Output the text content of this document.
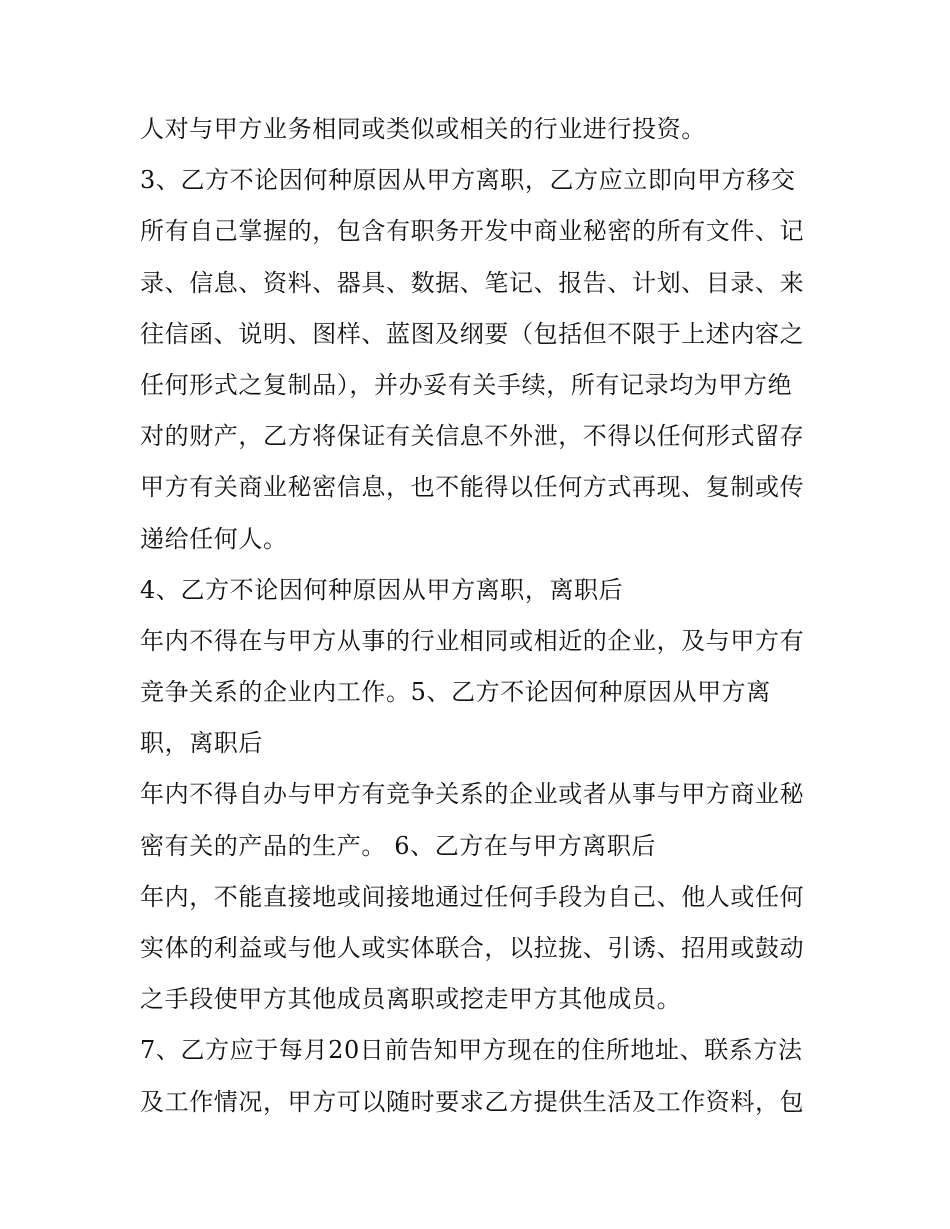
人对与甲方业务相同或类似或相关的行业进行投资。
3、乙方不论因何种原因从甲方离职，乙方应立即向甲方移交
所有自己掌握的，包含有职务开发中商业秘密的所有文件、记
录、信息、资料、器具、数据、笔记、报告、计划、目录、来
往信函、说明、图样、蓝图及纲要（包括但不限于上述内容之
任何形式之复制品），并办妥有关手续，所有记录均为甲方绝
对的财产，乙方将保证有关信息不外泄，不得以任何形式留存
甲方有关商业秘密信息，也不能得以任何方式再现、复制或传
递给任何人。
4、乙方不论因何种原因从甲方离职，离职后
年内不得在与甲方从事的行业相同或相近的企业，及与甲方有
竞争关系的企业内工作。5、乙方不论因何种原因从甲方离
职，离职后
年内不得自办与甲方有竞争关系的企业或者从事与甲方商业秘
密有关的产品的生产。 6、乙方在与甲方离职后
年内，不能直接地或间接地通过任何手段为自己、他人或任何
实体的利益或与他人或实体联合，以拉拢、引诱、招用或鼓动
之手段使甲方其他成员离职或挖走甲方其他成员。
7、乙方应于每月20日前告知甲方现在的住所地址、联系方法
及工作情况，甲方可以随时要求乙方提供生活及工作资料，包
